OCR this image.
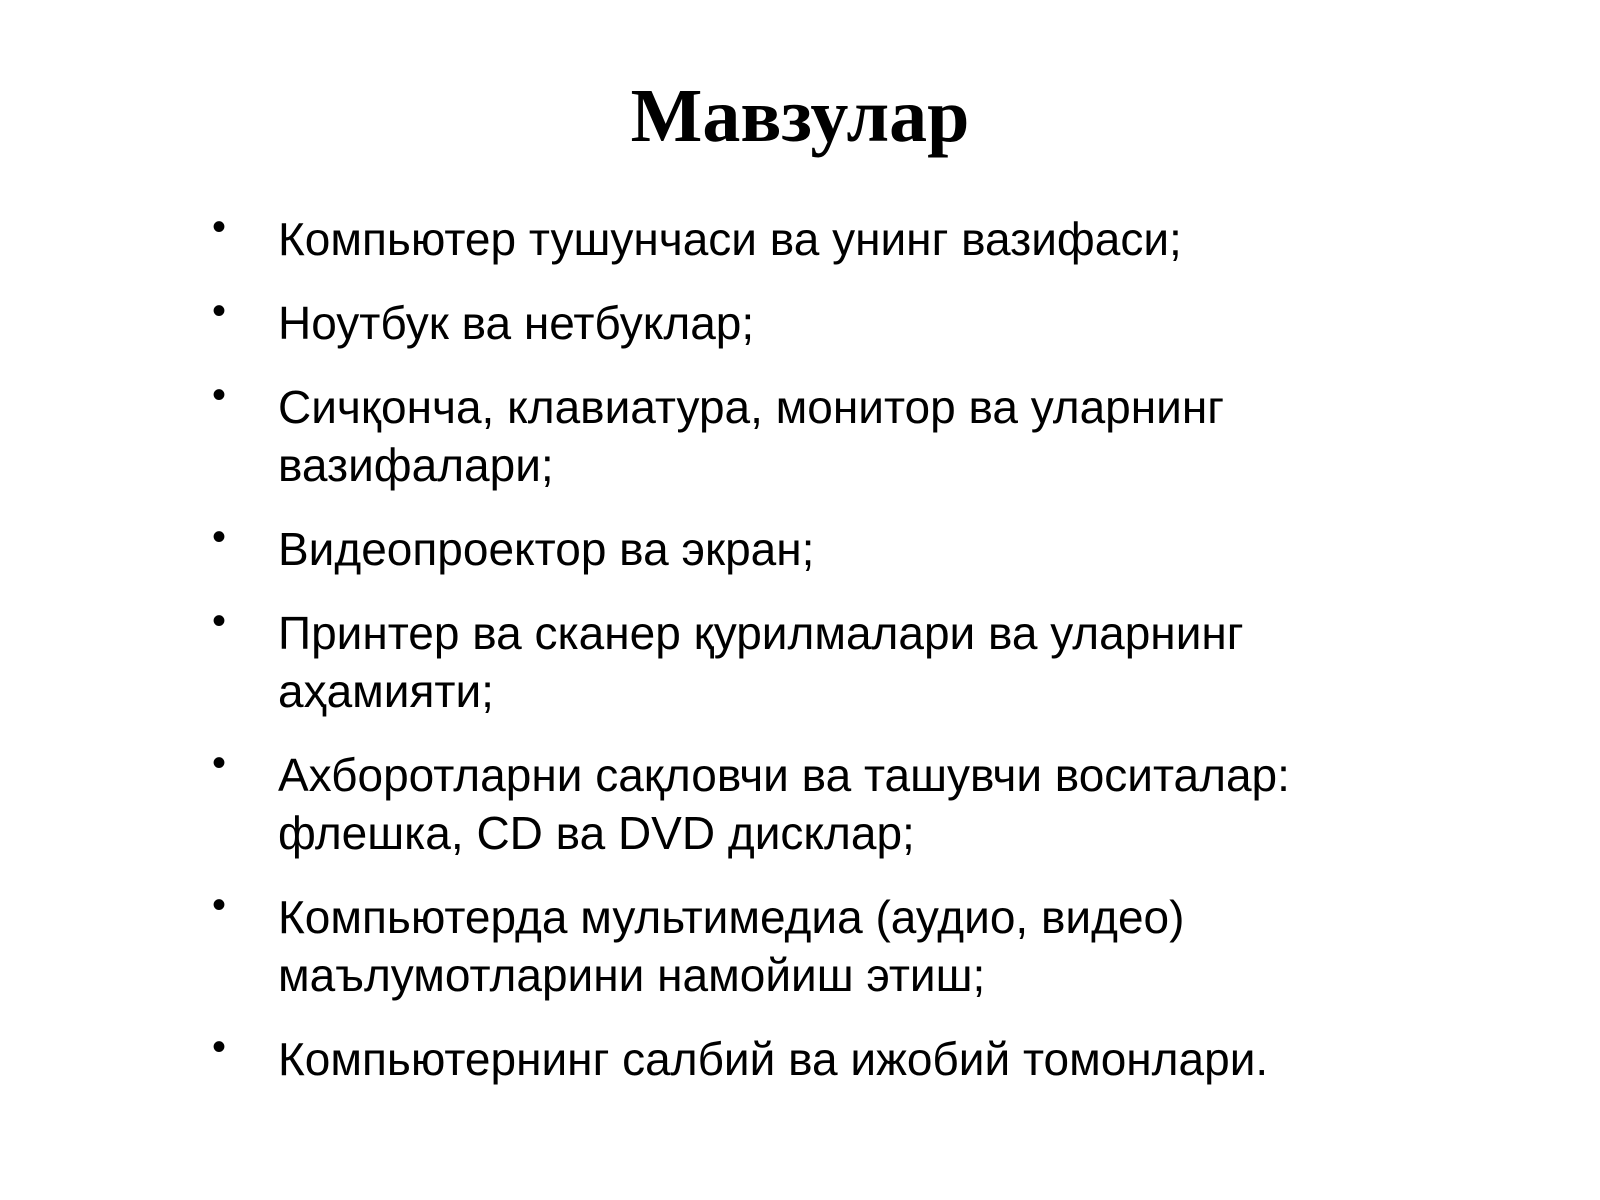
Мавзулар
• Компьютер тушунчаси ва унинг вазифаси;
• Ноутбук ва нетбуклар;
• Сичқонча, клавиатура, монитор ва уларнинг вазифалари;
• Видеопроектор ва экран;
• Принтер ва сканер қурилмалари ва уларнинг аҳамияти;
• Ахборотларни сақловчи ва ташувчи воситалар: флешка, CD ва DVD дисклар;
• Компьютерда мультимедиа (аудио, видео) маълумотларини намойиш этиш;
• Компьютернинг салбий ва ижобий томонлари.
